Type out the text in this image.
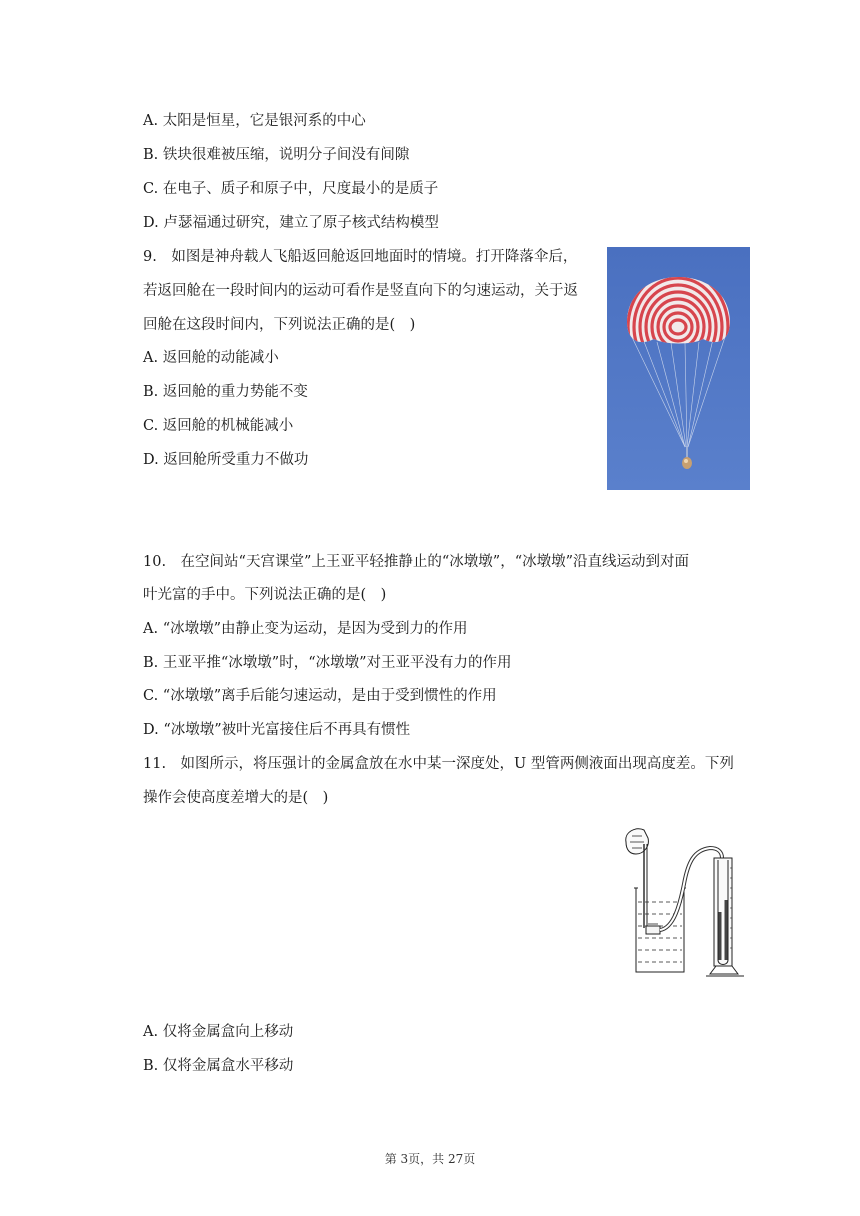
A. 太阳是恒星，它是银河系的中心
B. 铁块很难被压缩，说明分子间没有间隙
C. 在电子、质子和原子中，尺度最小的是质子
D. 卢瑟福通过研究，建立了原子核式结构模型
9.　如图是神舟载人飞船返回舱返回地面时的情境。打开降落伞后，
若返回舱在一段时间内的运动可看作是竖直向下的匀速运动，关于返
回舱在这段时间内，下列说法正确的是(　)
A. 返回舱的动能减小
B. 返回舱的重力势能不变
C. 返回舱的机械能减小
D. 返回舱所受重力不做功
10.　在空间站“天宫课堂”上王亚平轻推静止的“冰墩墩”，“冰墩墩”沿直线运动到对面
叶光富的手中。下列说法正确的是(　)
A. “冰墩墩”由静止变为运动，是因为受到力的作用
B. 王亚平推“冰墩墩”时，“冰墩墩”对王亚平没有力的作用
C. “冰墩墩”离手后能匀速运动，是由于受到惯性的作用
D. “冰墩墩”被叶光富接住后不再具有惯性
11.　如图所示，将压强计的金属盒放在水中某一深度处，U 型管两侧液面出现高度差。下列
操作会使高度差增大的是(　)
A. 仅将金属盒向上移动
B. 仅将金属盒水平移动
第 3页，共 27页
